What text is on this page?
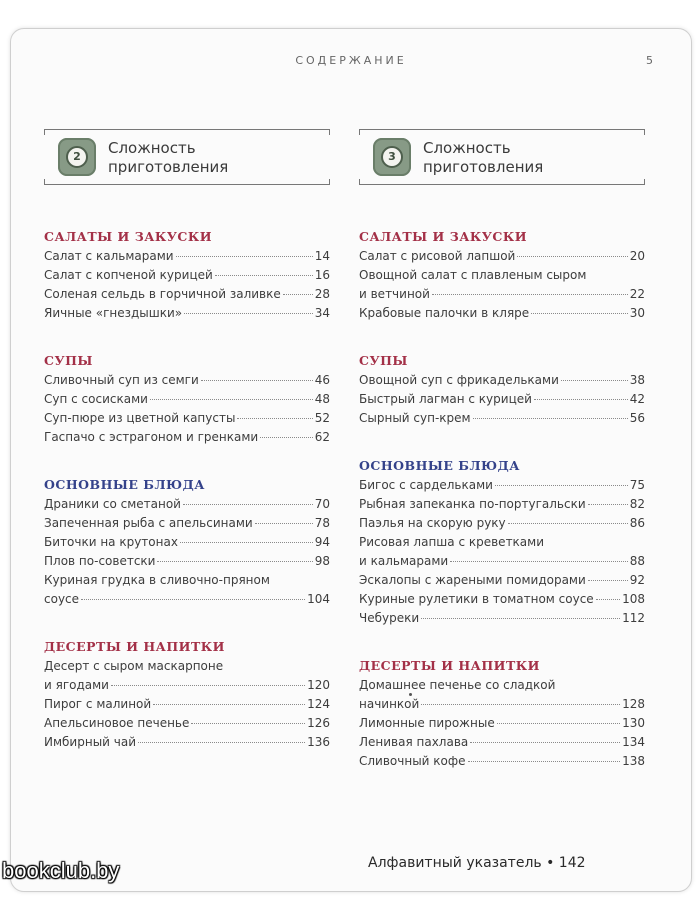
СОДЕРЖАНИЕ	5
2	Сложность
приготовления
САЛАТЫ И ЗАКУСКИ
Салат с кальмарами	14
Салат с копченой курицей	16
Соленая сельдь в горчичной заливке	28
Яичные «гнездышки»	34
СУПЫ
Сливочный суп из семги	46
Суп с сосисками	48
Суп-пюре из цветной капусты	52
Гаспачо с эстрагоном и гренками	62
ОСНОВНЫЕ БЛЮДА
Драники со сметаной	70
Запеченная рыба с апельсинами	78
Биточки на крутонах	94
Плов по-советски	98
Куриная грудка в сливочно-пряном
соусе	104
ДЕСЕРТЫ И НАПИТКИ
Десерт с сыром маскарпоне
и ягодами	120
Пирог с малиной	124
Апельсиновое печенье	126
Имбирный чай	136
3	Сложность
приготовления
САЛАТЫ И ЗАКУСКИ
Салат с рисовой лапшой	20
Овощной салат с плавленым сыром
и ветчиной	22
Крабовые палочки в кляре	30
СУПЫ
Овощной суп с фрикадельками	38
Быстрый лагман с курицей	42
Сырный суп-крем	56
ОСНОВНЫЕ БЛЮДА
Бигос с сардельками	75
Рыбная запеканка по-португальски	82
Паэлья на скорую руку	86
Рисовая лапша с креветками
и кальмарами	88
Эскалопы с жареными помидорами	92
Куриные рулетики в томатном соусе 108
Чебуреки	112
ДЕСЕРТЫ И НАПИТКИ
Домашнее печенье со сладкой
начинкой	128
Лимонные пирожные	130
Ленивая пахлава	134
Сливочный кофе	138
Алфавитный указатель • 142
bookclub.by
